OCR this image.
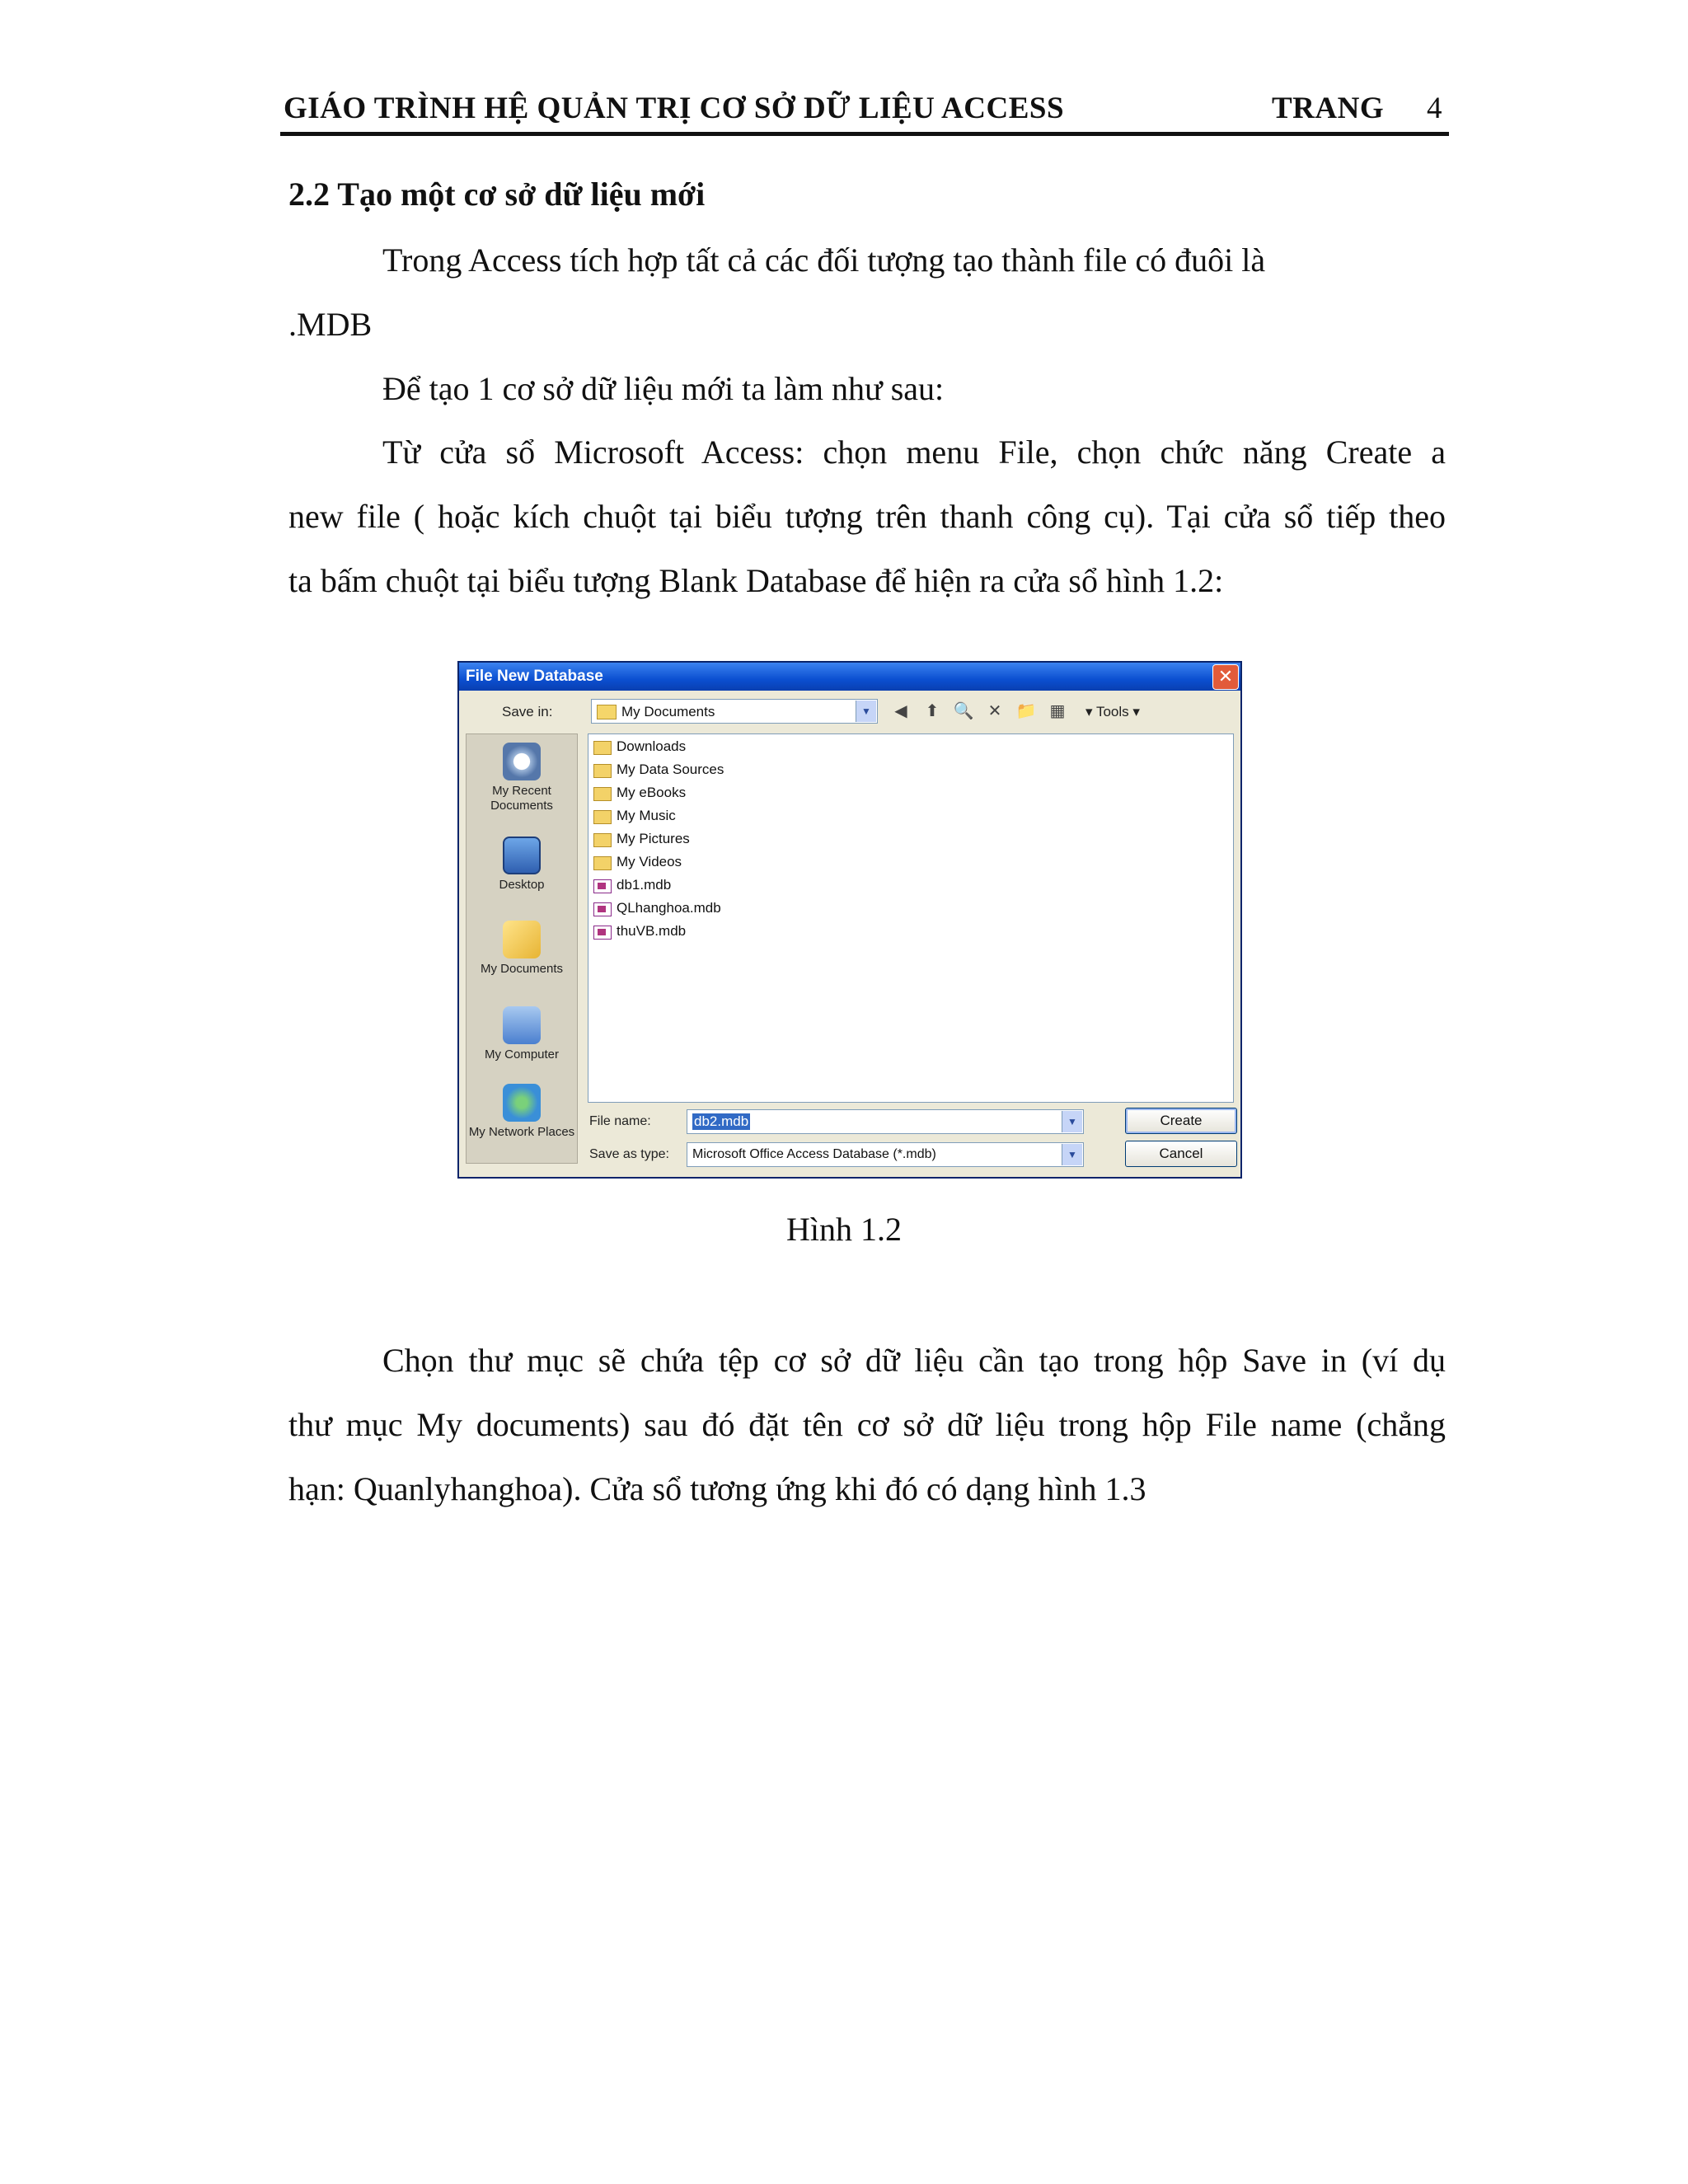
GIÁO TRÌNH HỆ QUẢN TRỊ CƠ SỞ DỮ LIỆU ACCESS	TRANG 4
2.2 Tạo một cơ sở dữ liệu mới
Trong Access tích hợp tất cả các đối tượng tạo thành file có đuôi là
.MDB
Để tạo 1 cơ sở dữ liệu mới ta làm như sau:
Từ cửa sổ Microsoft Access: chọn menu File, chọn chức năng Create a
new file ( hoặc kích chuột tại biểu tượng trên thanh công cụ). Tại cửa sổ tiếp theo
ta bấm chuột tại biểu tượng Blank Database để hiện ra cửa sổ hình 1.2:
File New Database	✕
Save in:	My Documents	▼	◀	⬆ 🔍 ✕ 📁 ▦ ▾ Tools ▾
My Recent Documents
Desktop
My Documents
My Computer
My Network Places
Downloads
My Data Sources
My eBooks
My Music
My Pictures
My Videos
db1.mdb
QLhanghoa.mdb
thuVB.mdb
File name:	db2.mdb	▼
Save as type: Microsoft Office Access Database (*.mdb)	▼
Create
Cancel
Hình 1.2
Chọn thư mục sẽ chứa tệp cơ sở dữ liệu cần tạo trong hộp Save in (ví dụ
thư mục My documents) sau đó đặt tên cơ sở dữ liệu trong hộp File name (chẳng
hạn: Quanlyhanghoa). Cửa sổ tương ứng khi đó có dạng hình 1.3
